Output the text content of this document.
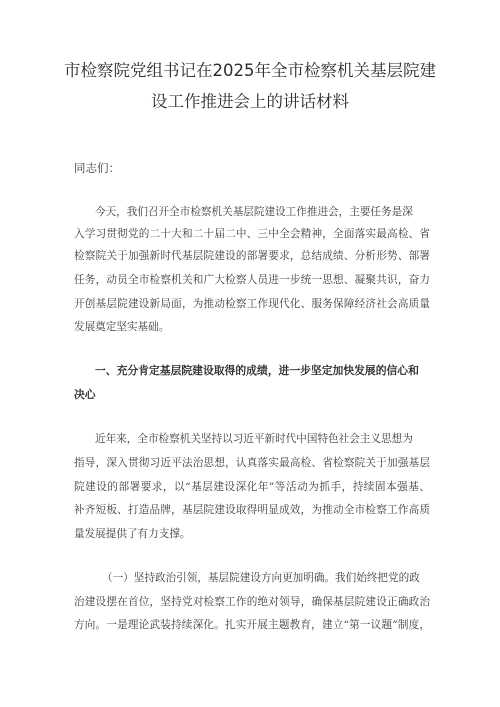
市检察院党组书记在2025年全市检察机关基层院建
设工作推进会上的讲话材料
同志们：
今天，我们召开全市检察机关基层院建设工作推进会，主要任务是深
入学习贯彻党的二十大和二十届二中、三中全会精神，全面落实最高检、省
检察院关于加强新时代基层院建设的部署要求，总结成绩、分析形势、部署
任务，动员全市检察机关和广大检察人员进一步统一思想、凝聚共识，奋力
开创基层院建设新局面，为推动检察工作现代化、服务保障经济社会高质量
发展奠定坚实基础。
一、充分肯定基层院建设取得的成绩，进一步坚定加快发展的信心和
决心
近年来，全市检察机关坚持以习近平新时代中国特色社会主义思想为
指导，深入贯彻习近平法治思想，认真落实最高检、省检察院关于加强基层
院建设的部署要求，以“基层建设深化年”等活动为抓手，持续固本强基、
补齐短板、打造品牌，基层院建设取得明显成效，为推动全市检察工作高质
量发展提供了有力支撑。
（一）坚持政治引领，基层院建设方向更加明确。我们始终把党的政
治建设摆在首位，坚持党对检察工作的绝对领导，确保基层院建设正确政治
方向。一是理论武装持续深化。扎实开展主题教育，建立“第一议题”制度，
